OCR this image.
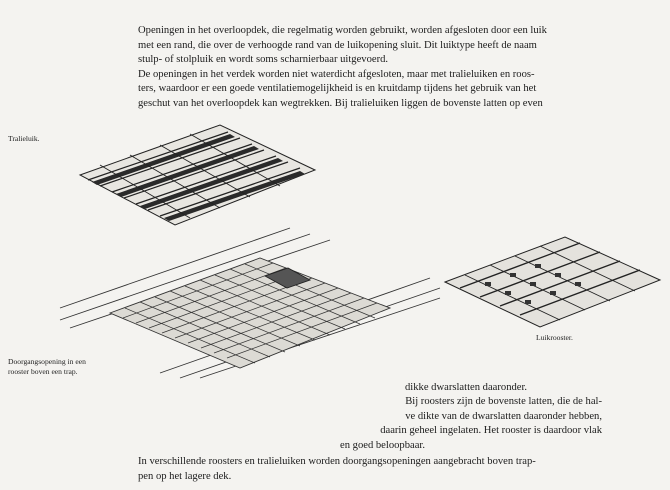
Openingen in het overloopdek, die regelmatig worden gebruikt, worden afgesloten door een luik

met een rand, die over de verhoogde rand van de luikopening sluit. Dit luiktype heeft de naam

stulp- of stolpluik en wordt soms scharnierbaar uitgevoerd.

De openingen in het verdek worden niet waterdicht afgesloten, maar met tralieluiken en roos-

ters, waardoor er een goede ventilatiemogelijkheid is en kruitdamp tijdens het gebruik van het

geschut van het overloopdek kan wegtrekken. Bij tralieluiken liggen de bovenste latten op even

Tralieluik.
Doorgangsopening in een rooster boven een trap.
Luikrooster.
dikke dwarslatten daaronder.
Bij roosters zijn de bovenste latten, die de hal-
ve dikte van de dwarslatten daaronder hebben,
daarin geheel ingelaten. Het rooster is daardoor vlak
en goed beloopbaar.
In verschillende roosters en tralieluiken worden doorgangsopeningen aangebracht boven trap-
pen op het lagere dek.
